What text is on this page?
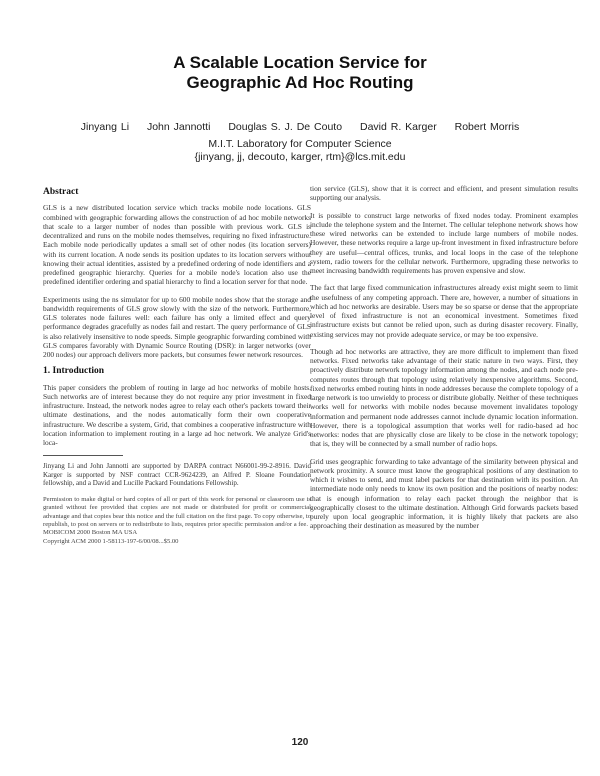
A Scalable Location Service for
Geographic Ad Hoc Routing
Jinyang Li John Jannotti Douglas S. J. De Couto David R. Karger Robert Morris
M.I.T. Laboratory for Computer Science
{jinyang, jj, decouto, karger, rtm}@lcs.mit.edu
Abstract

GLS is a new distributed location service which tracks mobile node locations. GLS combined with geographic forwarding allows the construction of ad hoc mobile networks that scale to a larger number of nodes than possible with previous work. GLS is decentralized and runs on the mobile nodes themselves, requiring no fixed infrastructure. Each mobile node periodically updates a small set of other nodes (its location servers) with its current location. A node sends its position updates to its location servers without knowing their actual identities, assisted by a predefined ordering of node identifiers and a predefined geographic hierarchy. Queries for a mobile node's location also use the predefined identifier ordering and spatial hierarchy to find a location server for that node.

Experiments using the ns simulator for up to 600 mobile nodes show that the storage and bandwidth requirements of GLS grow slowly with the size of the network. Furthermore, GLS tolerates node failures well: each failure has only a limited effect and query performance degrades gracefully as nodes fail and restart. The query performance of GLS is also relatively insensitive to node speeds. Simple geographic forwarding combined with GLS compares favorably with Dynamic Source Routing (DSR): in larger networks (over 200 nodes) our approach delivers more packets, but consumes fewer network resources.

1. Introduction

This paper considers the problem of routing in large ad hoc networks of mobile hosts. Such networks are of interest because they do not require any prior investment in fixed infrastructure. Instead, the network nodes agree to relay each other's packets toward their ultimate destinations, and the nodes automatically form their own cooperative infrastructure. We describe a system, Grid, that combines a cooperative infrastructure with location information to implement routing in a large ad hoc network. We analyze Grid's loca-

Jinyang Li and John Jannotti are supported by DARPA contract N66001-99-2-8916. David Karger is supported by NSF contract CCR-9624239, an Alfred P. Sloane Foundation fellowship, and a David and Lucille Packard Foundations Fellowship.
Permission to make digital or hard copies of all or part of this work for personal or classroom use is granted without fee provided that copies are not made or distributed for profit or commercial advantage and that copies bear this notice and the full citation on the first page. To copy otherwise, to republish, to post on servers or to redistribute to lists, requires prior specific permission and/or a fee.
MOBICOM 2000 Boston MA USA
Copyright ACM 2000 1-58113-197-6/00/08...$5.00

tion service (GLS), show that it is correct and efficient, and present simulation results supporting our analysis.

It is possible to construct large networks of fixed nodes today. Prominent examples include the telephone system and the Internet. The cellular telephone network shows how these wired networks can be extended to include large numbers of mobile nodes. However, these networks require a large up-front investment in fixed infrastructure before they are useful—central offices, trunks, and local loops in the case of the telephone system, radio towers for the cellular network. Furthermore, upgrading these networks to meet increasing bandwidth requirements has proven expensive and slow.

The fact that large fixed communication infrastructures already exist might seem to limit the usefulness of any competing approach. There are, however, a number of situations in which ad hoc networks are desirable. Users may be so sparse or dense that the appropriate level of fixed infrastructure is not an economical investment. Sometimes fixed infrastructure exists but cannot be relied upon, such as during disaster recovery. Finally, existing services may not provide adequate service, or may be too expensive.

Though ad hoc networks are attractive, they are more difficult to implement than fixed networks. Fixed networks take advantage of their static nature in two ways. First, they proactively distribute network topology information among the nodes, and each node pre-computes routes through that topology using relatively inexpensive algorithms. Second, fixed networks embed routing hints in node addresses because the complete topology of a large network is too unwieldy to process or distribute globally. Neither of these techniques works well for networks with mobile nodes because movement invalidates topology information and permanent node addresses cannot include dynamic location information. However, there is a topological assumption that works well for radio-based ad hoc networks: nodes that are physically close are likely to be close in the network topology; that is, they will be connected by a small number of radio hops.

Grid uses geographic forwarding to take advantage of the similarity between physical and network proximity. A source must know the geographical positions of any destination to which it wishes to send, and must label packets for that destination with its position. An intermediate node only needs to know its own position and the positions of nearby nodes: that is enough information to relay each packet through the neighbor that is geographically closest to the ultimate destination. Although Grid forwards packets based purely upon local geographic information, it is highly likely that packets are also approaching their destination as measured by the number

120
